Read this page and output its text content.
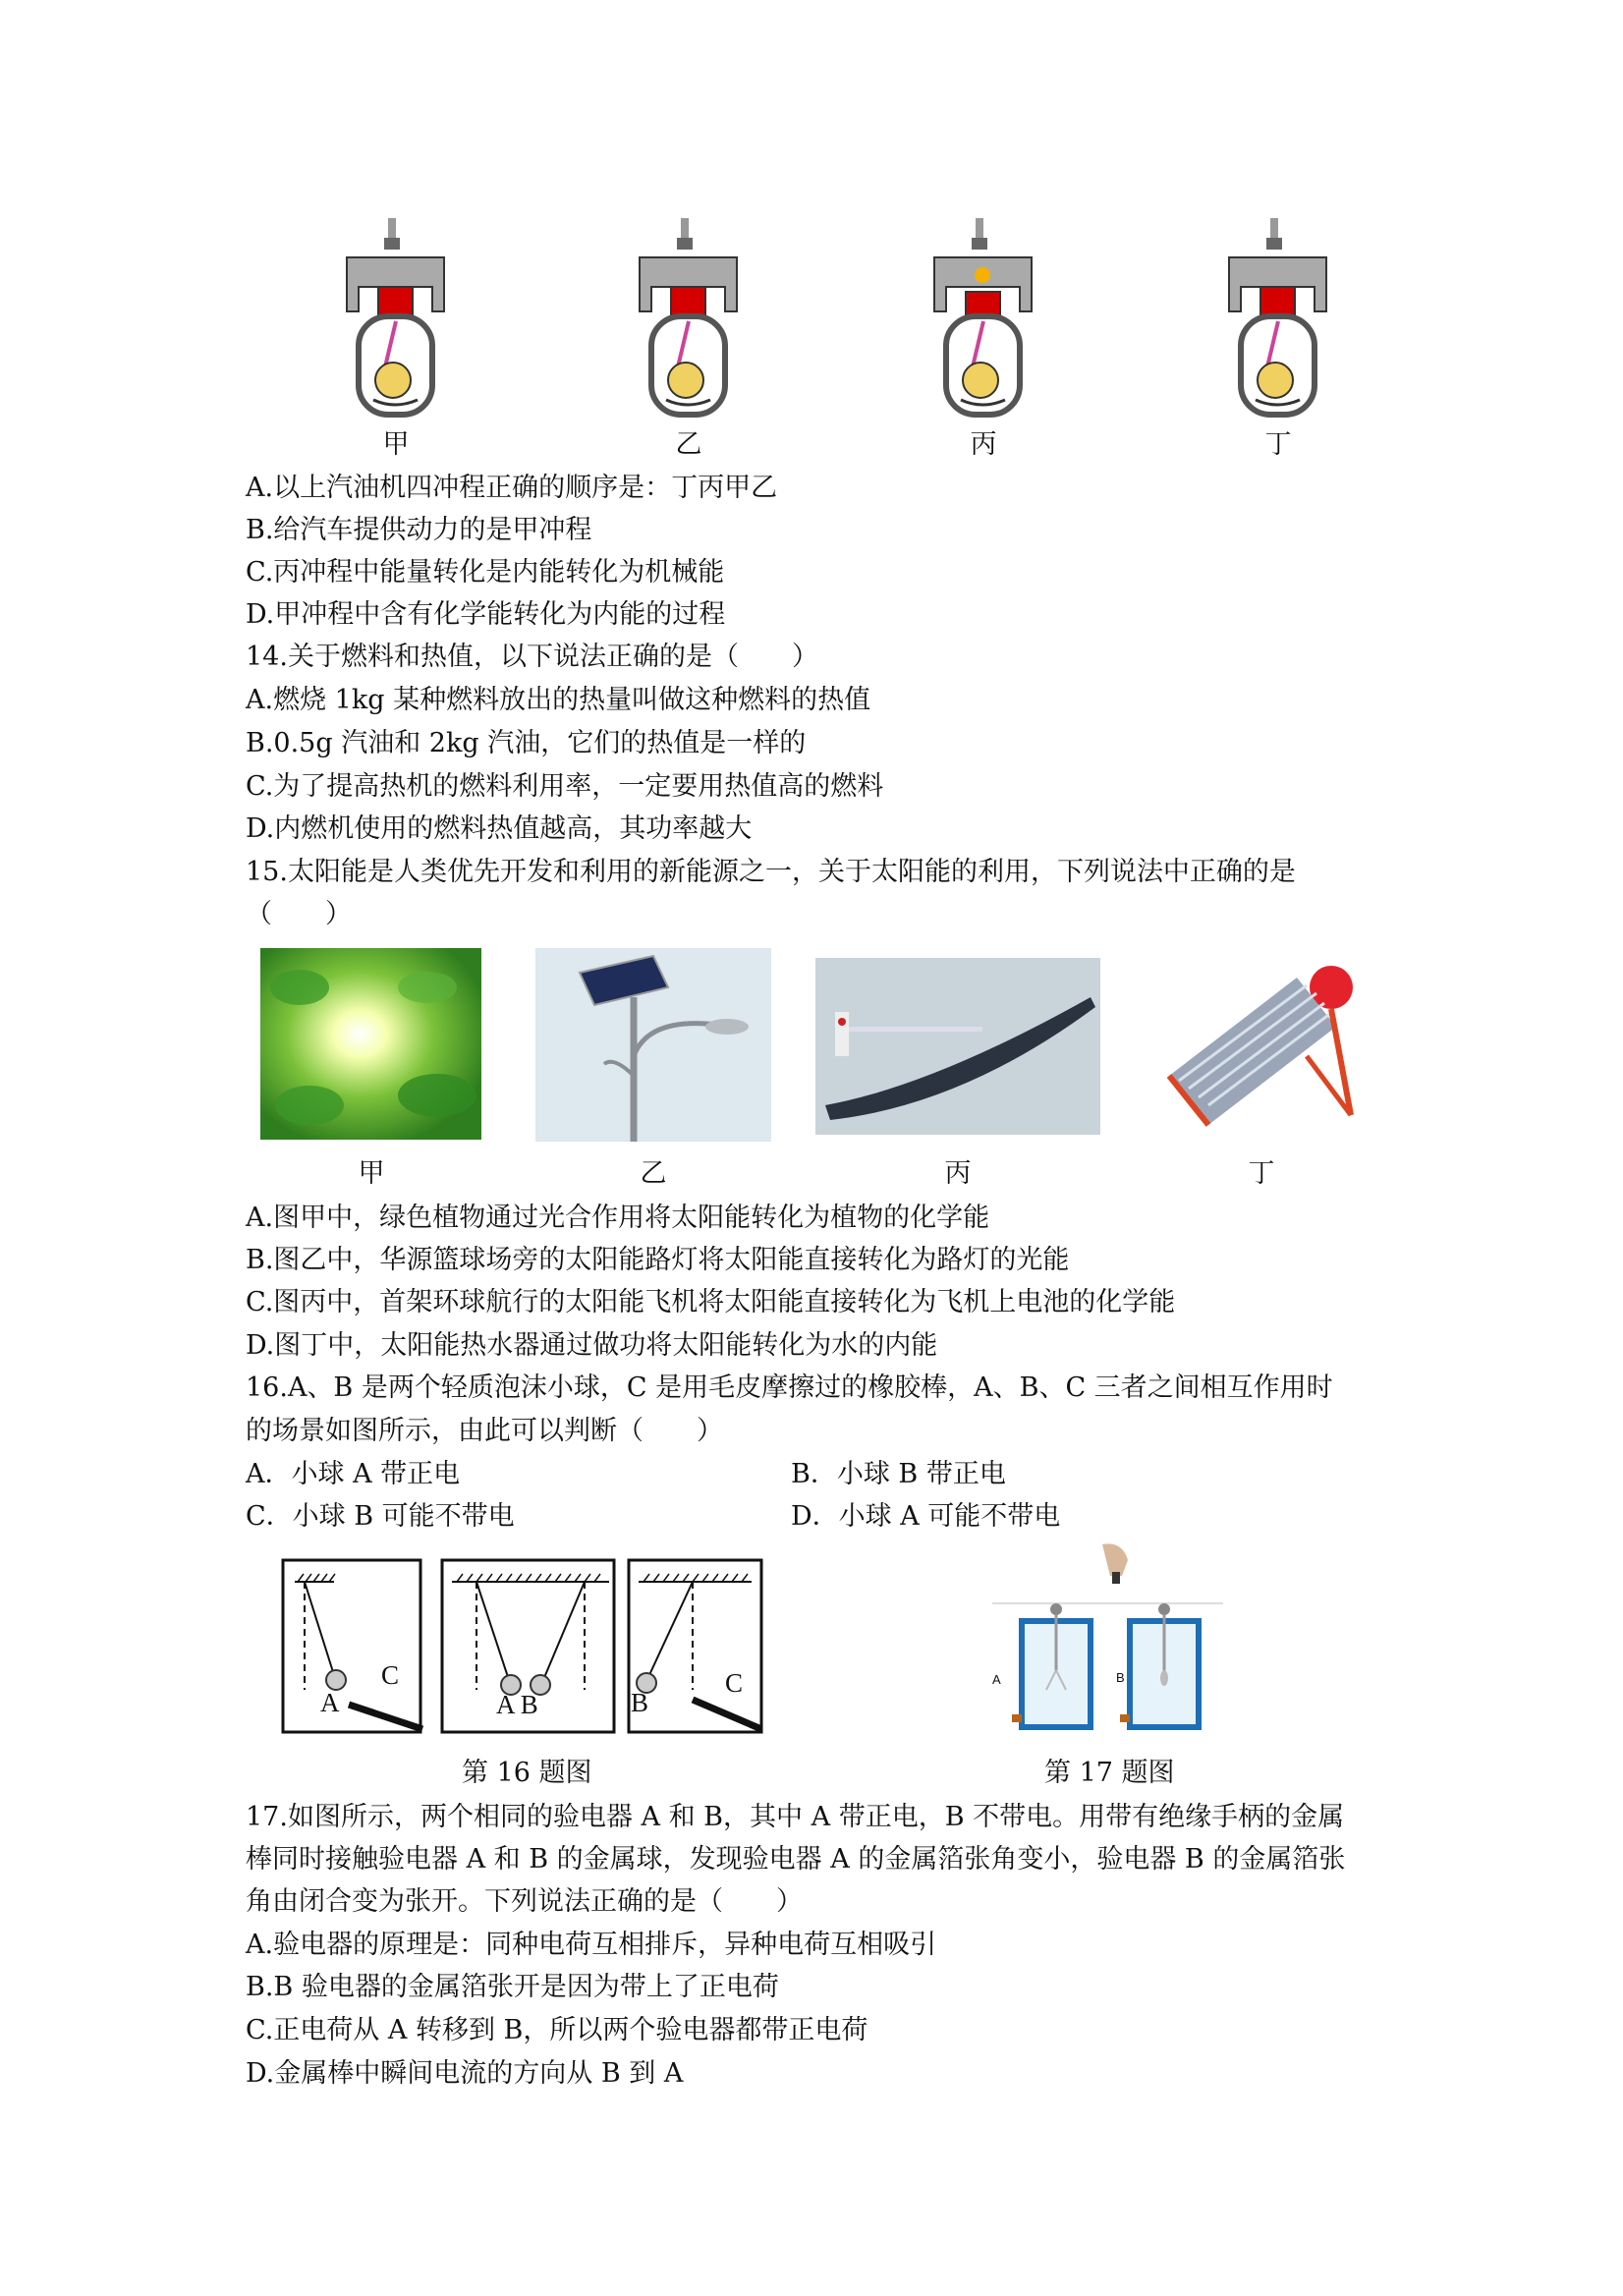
甲	乙	丙	丁
A.以上汽油机四冲程正确的顺序是：丁丙甲乙
B.给汽车提供动力的是甲冲程
C.丙冲程中能量转化是内能转化为机械能
D.甲冲程中含有化学能转化为内能的过程
14.关于燃料和热值，以下说法正确的是（　　）
A.燃烧 1kg 某种燃料放出的热量叫做这种燃料的热值
B.0.5g 汽油和 2kg 汽油，它们的热值是一样的
C.为了提高热机的燃料利用率，一定要用热值高的燃料
D.内燃机使用的燃料热值越高，其功率越大
15.太阳能是人类优先开发和利用的新能源之一，关于太阳能的利用，下列说法中正确的是
（　　）
甲	乙	丙	丁
A.图甲中，绿色植物通过光合作用将太阳能转化为植物的化学能
B.图乙中，华源篮球场旁的太阳能路灯将太阳能直接转化为路灯的光能
C.图丙中，首架环球航行的太阳能飞机将太阳能直接转化为飞机上电池的化学能
D.图丁中，太阳能热水器通过做功将太阳能转化为水的内能
16.A、B 是两个轻质泡沫小球，C 是用毛皮摩擦过的橡胶棒，A、B、C 三者之间相互作用时
的场景如图所示，由此可以判断（　　）
A．小球 A 带正电	B．小球 B 带正电
C．小球 B 可能不带电	D．小球 A 可能不带电
A
C
A B	B
C	A	B
第 16 题图	第 17 题图
17.如图所示，两个相同的验电器 A 和 B，其中 A 带正电，B 不带电。用带有绝缘手柄的金属
棒同时接触验电器 A 和 B 的金属球，发现验电器 A 的金属箔张角变小，验电器 B 的金属箔张
角由闭合变为张开。下列说法正确的是（　　）
A.验电器的原理是：同种电荷互相排斥，异种电荷互相吸引
B.B 验电器的金属箔张开是因为带上了正电荷
C.正电荷从 A 转移到 B，所以两个验电器都带正电荷
D.金属棒中瞬间电流的方向从 B 到 A
